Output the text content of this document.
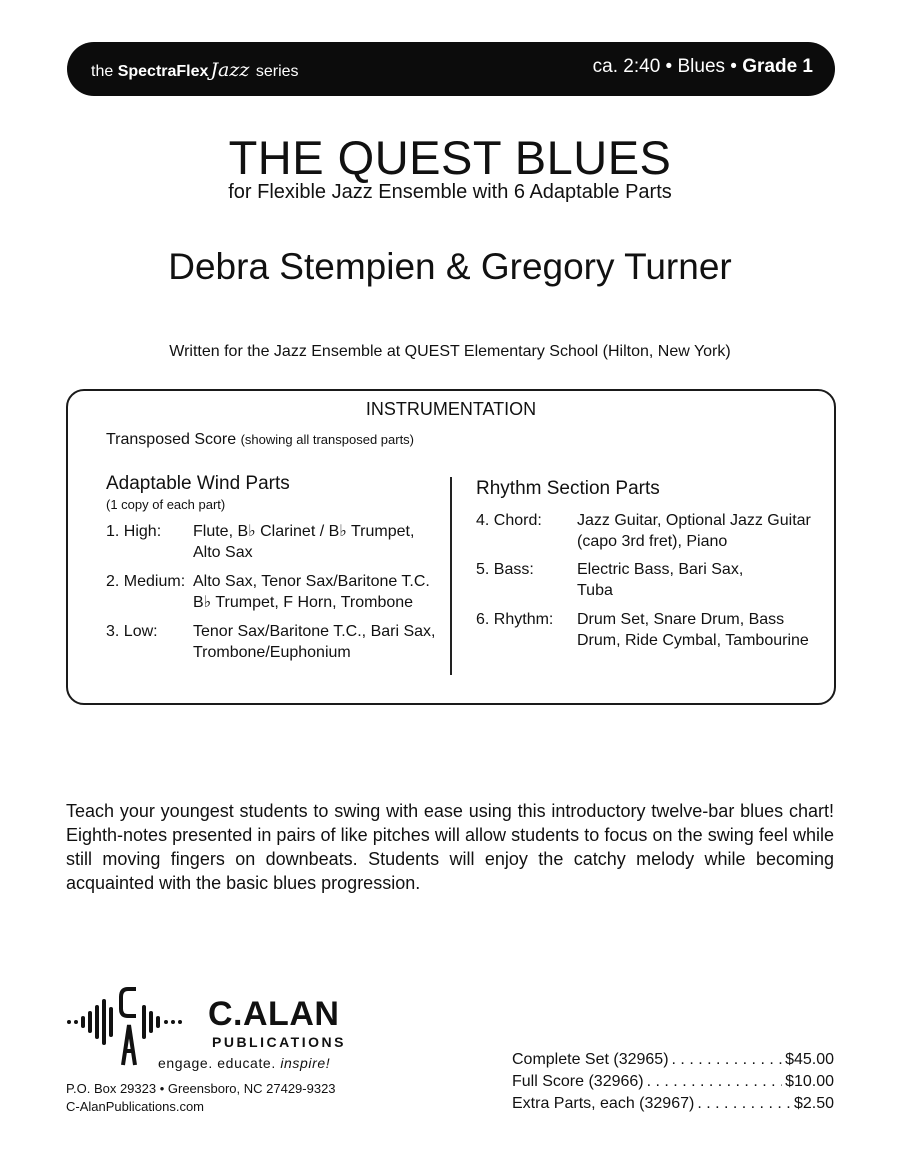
the SpectraFlex Jazz series	ca. 2:40 • Blues • Grade 1
THE QUEST BLUES
for Flexible Jazz Ensemble with 6 Adaptable Parts
Debra Stempien & Gregory Turner
Written for the Jazz Ensemble at QUEST Elementary School (Hilton, New York)
INSTRUMENTATION
Transposed Score (showing all transposed parts)
Adaptable Wind Parts
(1 copy of each part)
1. High: Flute, B♭ Clarinet / B♭ Trumpet,
Alto Sax
2. Medium: Alto Sax, Tenor Sax/Baritone T.C.
B♭ Trumpet, F Horn, Trombone
3. Low: Tenor Sax/Baritone T.C., Bari Sax,
Trombone/Euphonium
Rhythm Section Parts
4. Chord: Jazz Guitar, Optional Jazz Guitar
(capo 3rd fret), Piano
5. Bass:	Electric Bass, Bari Sax,
Tuba
6. Rhythm: Drum Set, Snare Drum, Bass
Drum, Ride Cymbal, Tambourine
Teach your youngest students to swing with ease using this introductory twelve-bar blues chart! Eighth-notes presented in pairs of like pitches will allow students to focus on the swing feel while still moving fingers on downbeats. Students will enjoy the catchy melody while becoming acquainted with the basic blues progression.
C.ALAN
PUBLICATIONS
engage. educate. inspire!
P.O. Box 29323 • Greensboro, NC 27429-9323
C-AlanPublications.com
Complete Set (32965) . . .	$45.00
Full Score (32966) . . .	$10.00
Extra Parts, each (32967) . . .	$2.50
